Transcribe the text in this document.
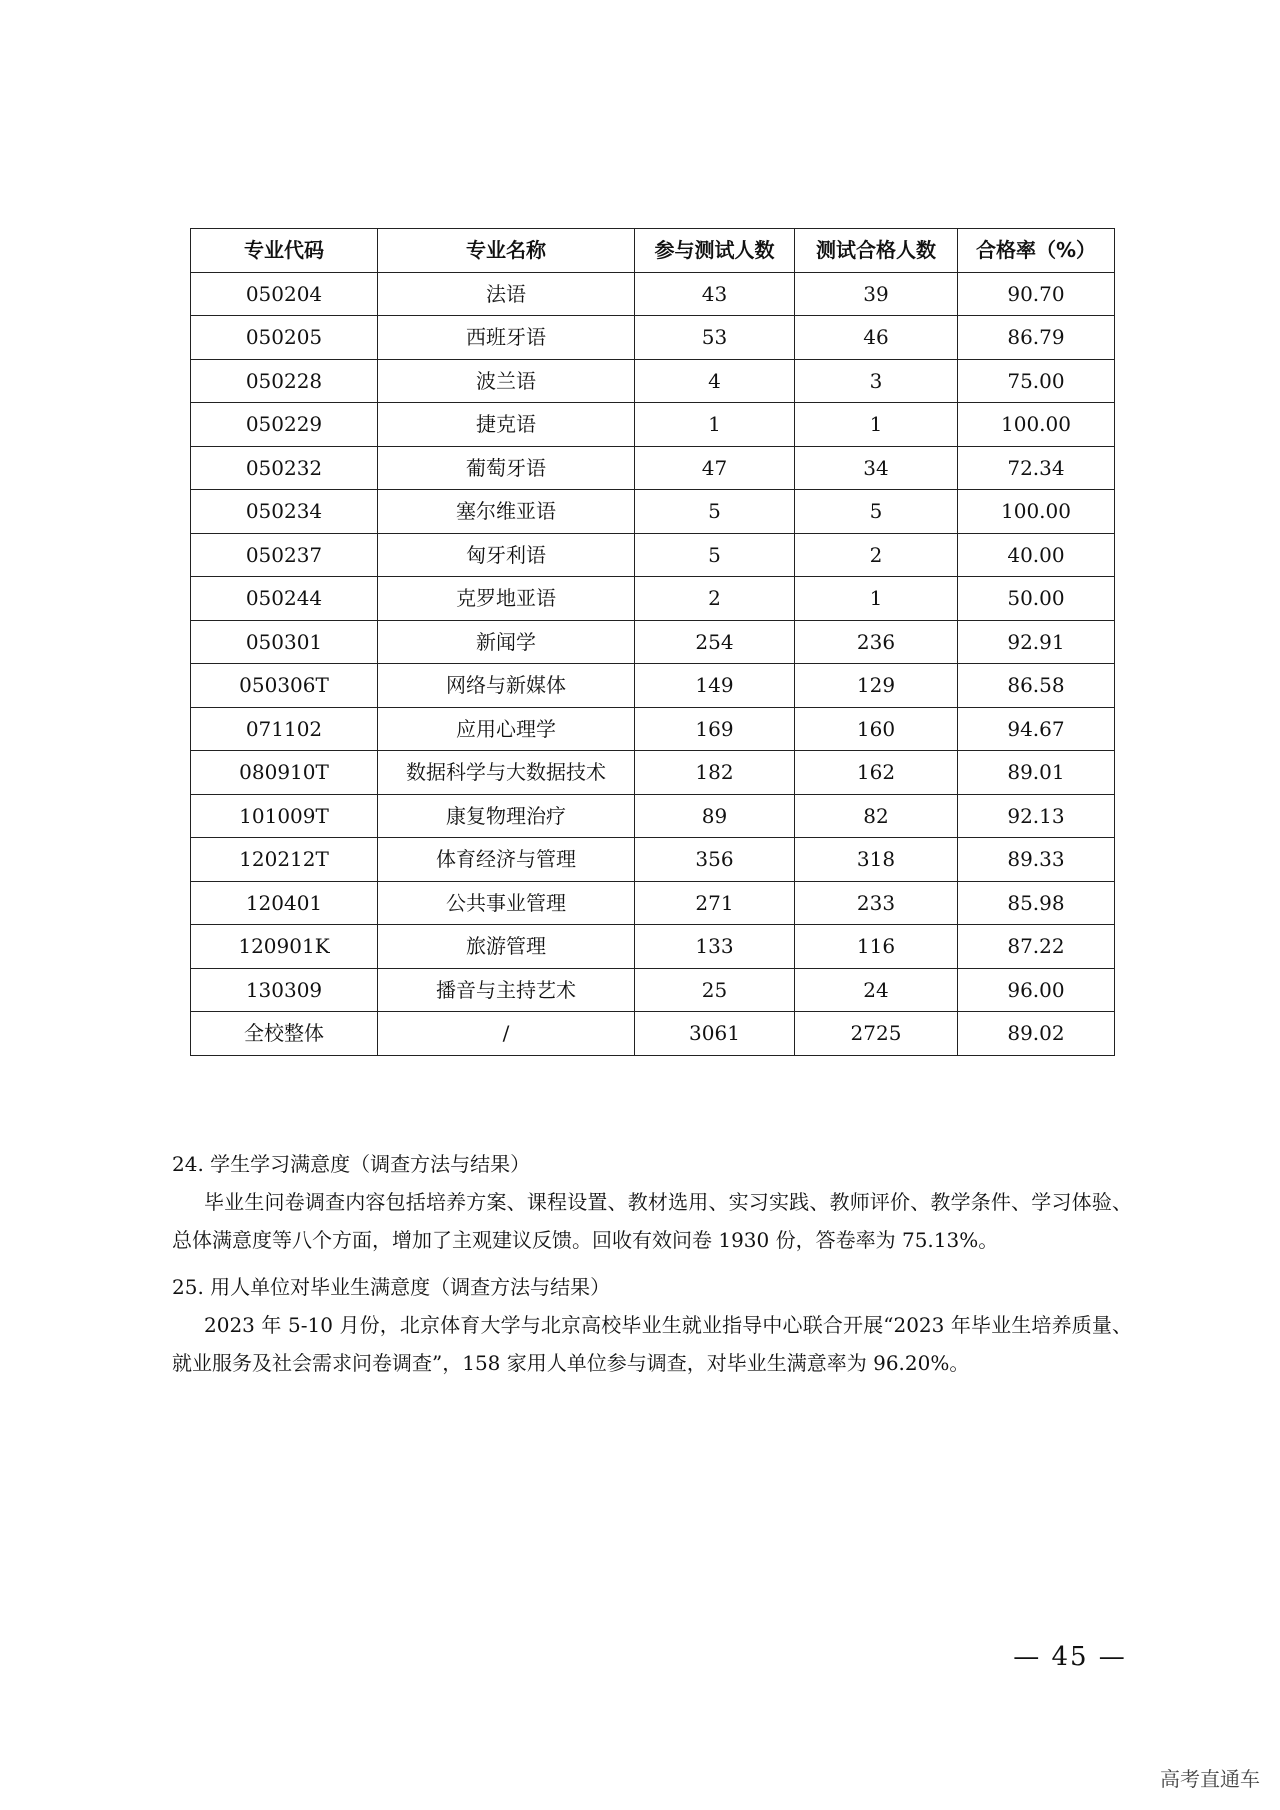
专业代码	专业名称	参与测试人数	测试合格人数	合格率（%）
050204	法语	43	39	90.70
050205	西班牙语	53	46	86.79
050228	波兰语	4	3	75.00
050229	捷克语	1	1	100.00
050232	葡萄牙语	47	34	72.34
050234	塞尔维亚语	5	5	100.00
050237	匈牙利语	5	2	40.00
050244	克罗地亚语	2	1	50.00
050301	新闻学	254	236	92.91
050306T	网络与新媒体	149	129	86.58
071102	应用心理学	169	160	94.67
080910T	数据科学与大数据技术	182	162	89.01
101009T	康复物理治疗	89	82	92.13
120212T	体育经济与管理	356	318	89.33
120401	公共事业管理	271	233	85.98
120901K	旅游管理	133	116	87.22
130309	播音与主持艺术	25	24	96.00
全校整体	/	3061	2725	89.02

24. 学生学习满意度（调查方法与结果）

毕业生问卷调查内容包括培养方案、课程设置、教材选用、实习实践、教师评价、教学条件、学习体验、总体满意度等八个方面，增加了主观建议反馈。回收有效问卷 1930 份，答卷率为 75.13%。

25. 用人单位对毕业生满意度（调查方法与结果）

2023 年 5-10 月份，北京体育大学与北京高校毕业生就业指导中心联合开展“2023 年毕业生培养质量、就业服务及社会需求问卷调查”，158 家用人单位参与调查，对毕业生满意率为 96.20%。

— 45 —
高考直通车
